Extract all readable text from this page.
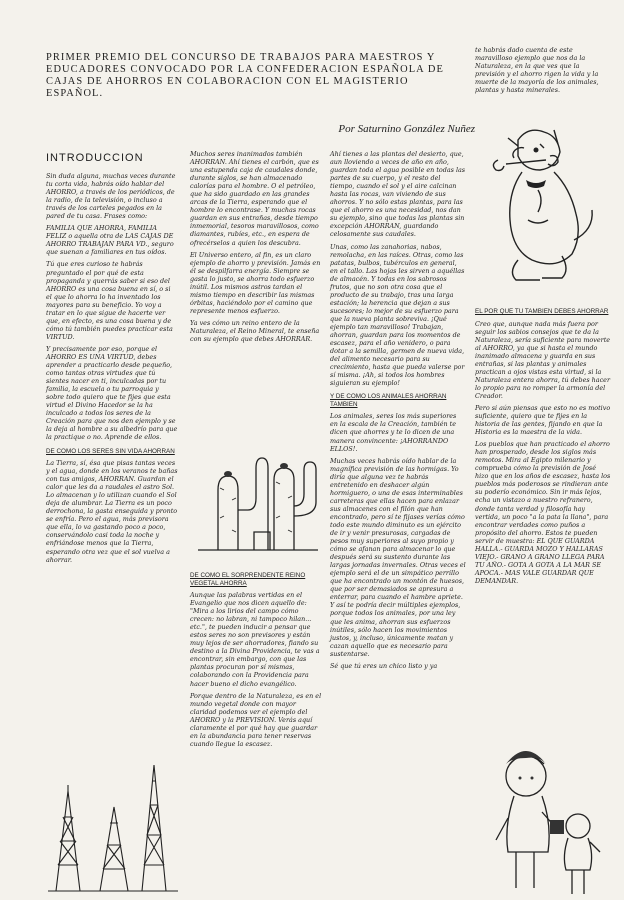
PRIMER PREMIO DEL CONCURSO DE TRABAJOS PARA MAESTROS Y EDUCADORES CONVOCADO POR LA CONFEDERACION ESPAÑOLA DE CAJAS DE AHORROS EN COLABORACION CON EL MAGISTERIO ESPAÑOL.
Por Saturnino González Nuñez
INTRODUCCION

Sin duda alguna, muchas veces durante tu corta vida, habrás oído hablar del AHORRO, a través de los periódicos, de la radio, de la televisión, o incluso a través de los carteles pegados en la pared de tu casa. Frases como:

FAMILIA QUE AHORRA, FAMILIA FELIZ o aquella otra de LAS CAJAS DE AHORRO TRABAJAN PARA VD., seguro que suenan a familiares en tus oídos.

Tú que eres curioso te habrás preguntado el por qué de esta propaganda y querrás saber si eso del AHORRO es una cosa buena en sí, o si el que lo ahorra lo ha inventado los mayores para su beneficio. Yo voy a tratar en lo que sigue de hacerte ver que, en efecto, es una cosa buena y de cómo tú también puedes practicar esta VIRTUD.

Y precisamente por eso, porque el AHORRO ES UNA VIRTUD, debes aprender a practicarlo desde pequeño, como tantas otras virtudes que tú sientes nacer en ti, inculcadas por tu familia, la escuela o tu parroquia y sobre todo quiero que te fijes que esta virtud el Divino Hacedor se la ha inculcado a todos los seres de la Creación para que nos den ejemplo y se la deja al hombre a su albedrío para que la practique o no. Aprende de ellos.

DE COMO LOS SERES SIN VIDA AHORRAN

La Tierra, sí, ésa que pisas tantas veces y el agua, donde en los veranos te bañas con tus amigos, AHORRAN. Guardan el calor que les da a raudales el astro Sol. Lo almacenan y lo utilizan cuando el Sol deja de alumbrar. La Tierra es un poco derrochona, la gasta enseguida y pronto se enfría. Pero el agua, más previsora que ella, lo va gastando poco a poco, conservándolo casi toda la noche y enfriándose menos que la Tierra, esperando otra vez que el sol vuelva a ahorrar.

Muchos seres inanimados también AHORRAN. Ahí tienes el carbón, que es una estupenda caja de caudales donde, durante siglos, se han almacenado calorías para el hombre. O el petróleo, que ha sido guardado en las grandes arcas de la Tierra, esperando que el hombre lo encontrase. Y muchas rocas guardan en sus entrañas, desde tiempo inmemorial, tesoros maravillosos, como diamantes, rubíes, etc., en espera de ofrecérselos a quien los descubra.

El Universo entero, al fin, es un claro ejemplo de ahorro y previsión. Jamás en él se despilfarra energía. Siempre se gasta lo justo, se ahorra todo esfuerzo inútil. Los mismos astros tardan el mismo tiempo en describir las mismas órbitas, haciéndolo por el camino que represente menos esfuerzo.

Ya ves cómo un reino entero de la Naturaleza, el Reino Mineral, te enseña con su ejemplo que debes AHORRAR.

DE COMO EL SORPRENDENTE REINO VEGETAL AHORRA

Aunque las palabras vertidas en el Evangelio que nos dicen aquello de: "Mira a los lirios del campo cómo crecen: no labran, ni tampoco hilan... etc.", te pueden inducir a pensar que estos seres no son previsores y están muy lejos de ser ahorradores, fiando su destino a la Divina Providencia, te vas a encontrar, sin embargo, con que las plantas procuran por sí mismas, colaborando con la Providencia para hacer bueno el dicho evangélico.

Porque dentro de la Naturaleza, es en el mundo vegetal donde con mayor claridad podemos ver el ejemplo del AHORRO y la PREVISION. Verás aquí claramente el por qué hay que guardar en la abundancia para tener reservas cuando llegue la escasez.

Ahí tienes a las plantas del desierto, que, aun lloviendo a veces de año en año, guardan toda el agua posible en todas las partes de su cuerpo, y el resto del tiempo, cuando el sol y el aire calcinan hasta las rocas, van viviendo de sus ahorros. Y no sólo estas plantas, para las que el ahorro es una necesidad, nos dan su ejemplo, sino que todas las plantas sin excepción AHORRAN, guardando celosamente sus caudales.

Unas, como las zanahorias, nabos, remolacha, en las raíces. Otras, como las patatas, bulbos, tubérculos en general, en el tallo. Las hojas les sirven a aquéllas de almacén. Y todas en los sabrosos frutos, que no son otra cosa que el producto de su trabajo, tras una larga estación; la herencia que dejan a sus sucesores; lo mejor de su esfuerzo para que la nueva planta sobreviva. ¡Qué ejemplo tan maravilloso! Trabajan, ahorran, guardan para los momentos de escasez, para el año venidero, o para dotar a la semilla, germen de nueva vida, del alimento necesario para su crecimiento, hasta que pueda valerse por sí misma. ¡Ah, si todos los hombres siguieran su ejemplo!

Y DE COMO LOS ANIMALES AHORRAN TAMBIEN

Los animales, seres los más superiores en la escala de la Creación, también te dicen que ahorres y te lo dicen de una manera convincente: ¡AHORRANDO ELLOS!.

Muchas veces habrás oído hablar de la magnífica previsión de las hormigas. Yo diría que alguna vez te habrás entretenido en deshacer algún hormiguero, o una de esas interminables carreteras que ellas hacen para enlazar sus almacenes con el filón que han encontrado, pero sí te fijases verías cómo todo este mundo diminuto es un ejército de ir y venir presurosas, cargadas de pesos muy superiores al suyo propio y cómo se afanan para almacenar lo que después será su sustento durante las largas jornadas invernales. Otras veces el ejemplo será el de un simpático perrillo que ha encontrado un montón de huesos, que por ser demasiados se apresura a enterrar, para cuando el hambre apriete. Y así te podría decir múltiples ejemplos, porque todos los animales, por una ley que les anima, ahorran sus esfuerzos inútiles, sólo hacen los movimientos justos, y, incluso, únicamente matan y cazan aquello que es necesario para sustentarse.

Sé que tú eres un chico listo y ya

te habrás dado cuenta de este maravilloso ejemplo que nos da la Naturaleza, en la que ves que la previsión y el ahorro rigen la vida y la muerte de la mayoría de los animales, plantas y hasta minerales.

EL POR QUE TU TAMBIEN DEBES AHORRAR

Creo que, aunque nada más fuera por seguir los sabios consejos que te da la Naturaleza, sería suficiente para moverte al AHORRO, ya que si hasta el mundo inanimado almacena y guarda en sus entrañas, si las plantas y animales practican a ojos vistas esta virtud, si la Naturaleza entera ahorra, tú debes hacer lo propio para no romper la armonía del Creador.

Pero si aún piensas que esto no es motivo suficiente, quiero que te fijes en la historia de las gentes, fijando en que la Historia es la maestra de la vida.

Los pueblos que han practicado el ahorro han prosperado, desde los siglos más remotos. Mira al Egipto milenario y comprueba cómo la previsión de José hizo que en los años de escasez, hasta los pueblos más poderosos se rindieran ante su poderío económico. Sin ir más lejos, echa un vistazo a nuestro refranero, donde tanta verdad y filosofía hay vertida, un poco "a la pata la llana", para encontrar verdades como puños a propósito del ahorro. Estos te pueden servir de muestra: EL QUE GUARDA HALLA.- GUARDA MOZO Y HALLARAS VIEJO.- GRANO A GRANO LLEGA PARA TU AÑO.- GOTA A GOTA A LA MAR SE APOCA.- MAS VALE GUARDAR QUE DEMANDAR.
